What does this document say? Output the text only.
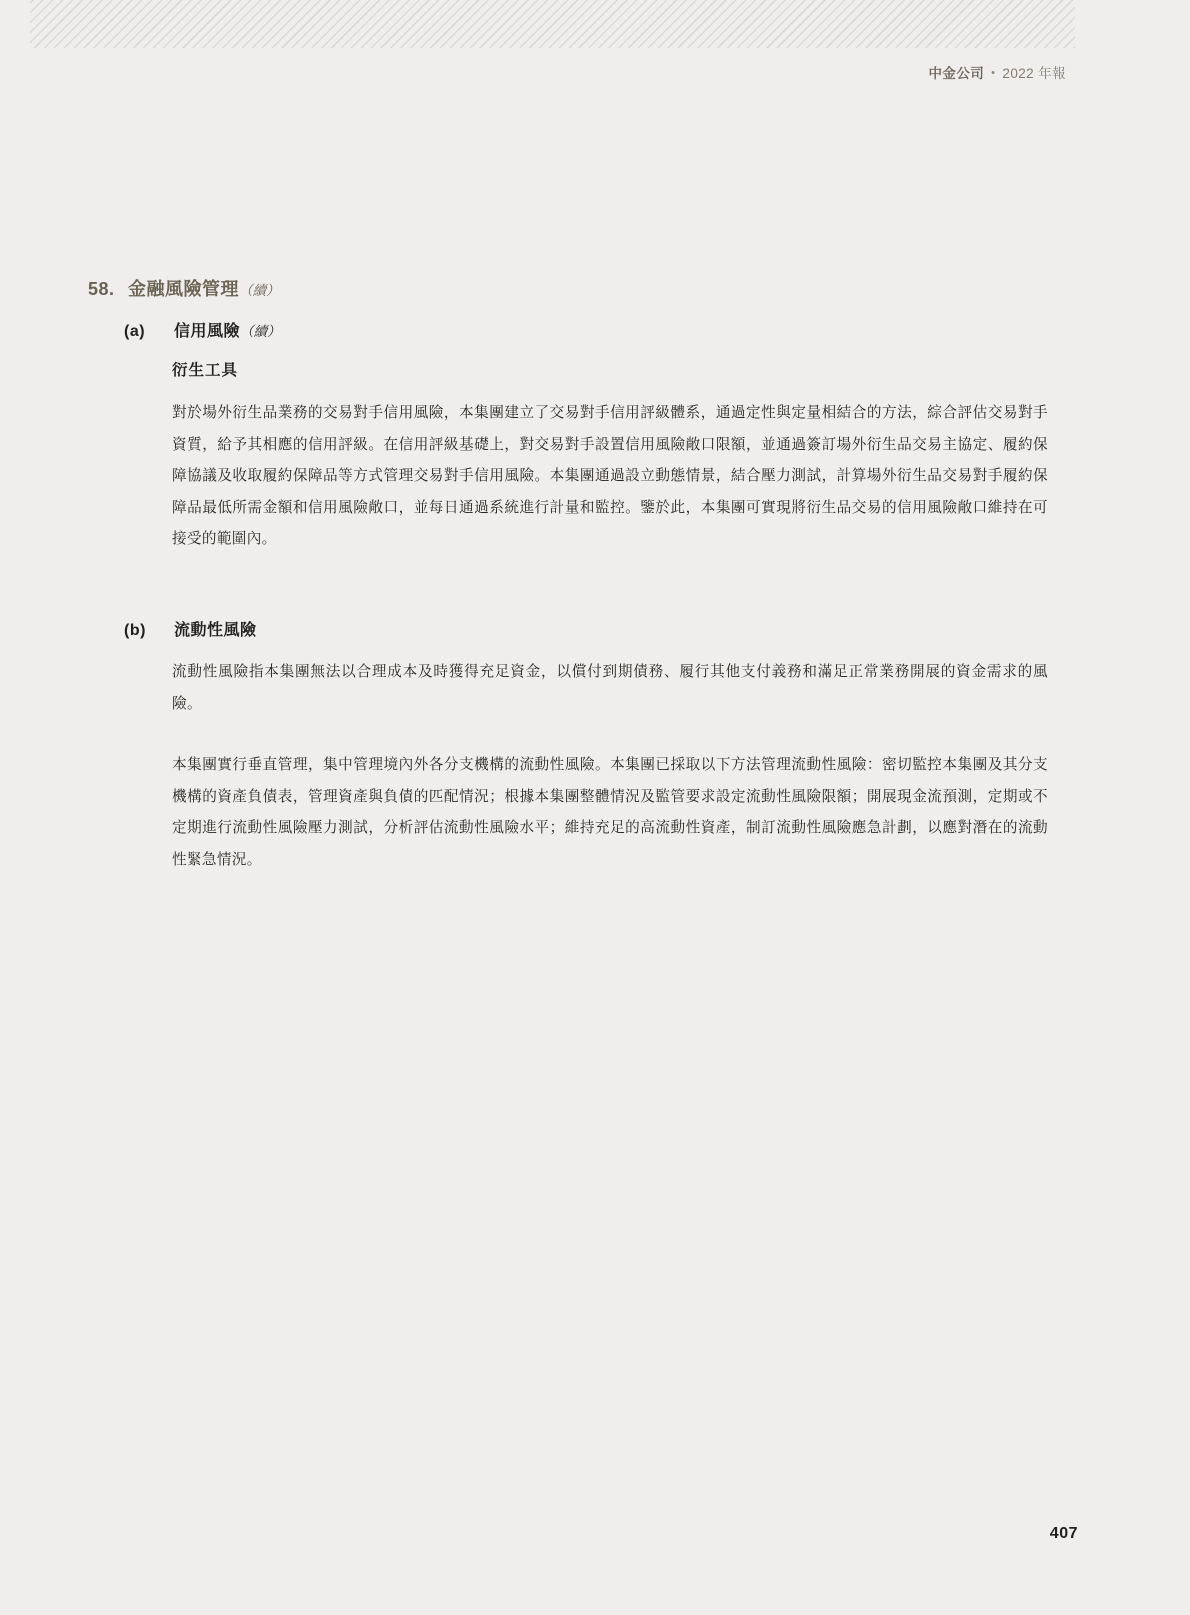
中金公司 • 2022 年報
58. 金融風險管理（續）
(a) 信用風險（續）
衍生工具
對於場外衍生品業務的交易對手信用風險，本集團建立了交易對手信用評級體系，通過定性與定量相結合的方法，綜合評估交易對手資質，給予其相應的信用評級。在信用評級基礎上，對交易對手設置信用風險敞口限額，並通過簽訂場外衍生品交易主協定、履約保障協議及收取履約保障品等方式管理交易對手信用風險。本集團通過設立動態情景，結合壓力測試，計算場外衍生品交易對手履約保障品最低所需金額和信用風險敞口，並每日通過系統進行計量和監控。鑒於此，本集團可實現將衍生品交易的信用風險敞口維持在可接受的範圍內。
(b) 流動性風險
流動性風險指本集團無法以合理成本及時獲得充足資金，以償付到期債務、履行其他支付義務和滿足正常業務開展的資金需求的風險。
本集團實行垂直管理，集中管理境內外各分支機構的流動性風險。本集團已採取以下方法管理流動性風險：密切監控本集團及其分支機構的資產負債表，管理資產與負債的匹配情況；根據本集團整體情況及監管要求設定流動性風險限額；開展現金流預測，定期或不定期進行流動性風險壓力測試，分析評估流動性風險水平；維持充足的高流動性資產，制訂流動性風險應急計劃，以應對潛在的流動性緊急情況。
407
